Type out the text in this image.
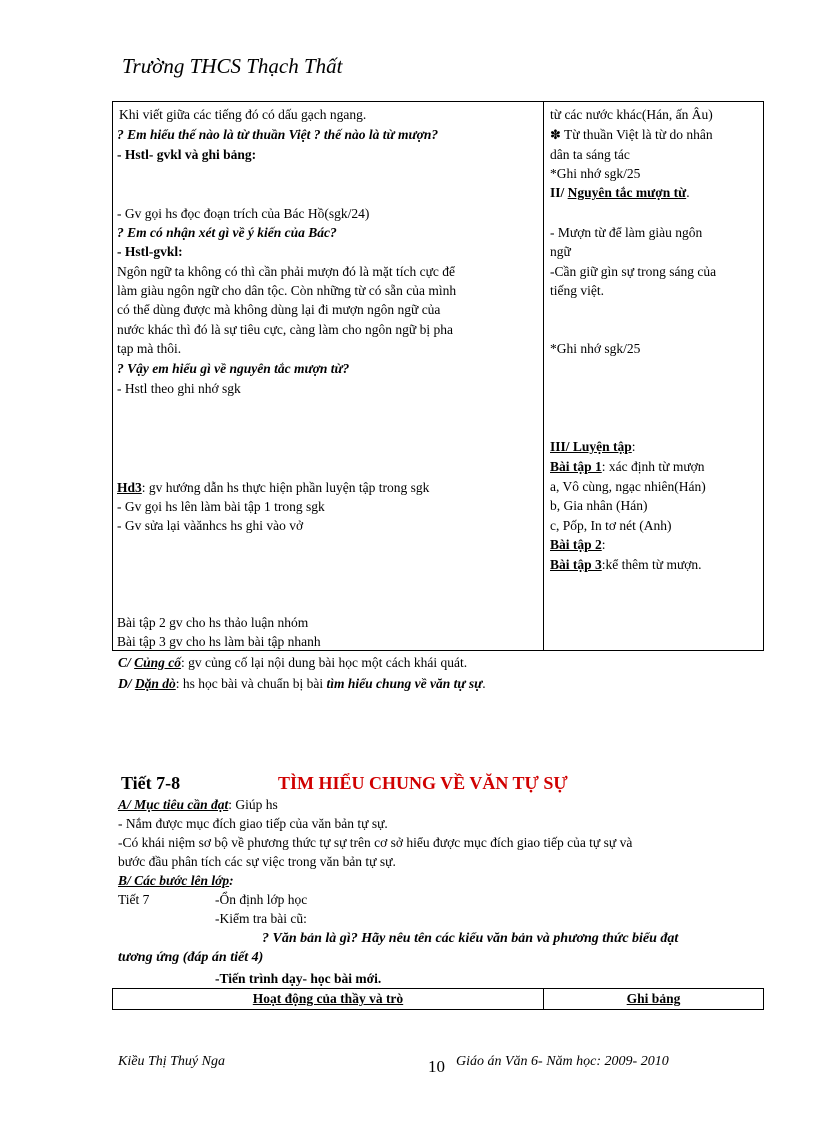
Trường THCS Thạch Thất
Khi viết giữa các tiếng đó có dấu gạch ngang.
? Em hiểu thế nào là từ thuần Việt ? thế nào là từ mượn?
- Hstl- gvkl và ghi bảng:
- Gv gọi hs đọc đoạn trích của Bác Hồ(sgk/24)
? Em có nhận xét gì về ý kiến của Bác?
- Hstl-gvkl:
Ngôn ngữ ta không có thì cần phải mượn đó là mặt tích cực để
làm giàu ngôn ngữ cho dân tộc. Còn những từ có sẵn của mình
có thể dùng được mà không dùng lại đi mượn ngôn ngữ của
nước khác thì đó là sự tiêu cực, càng làm cho ngôn ngữ bị pha
tạp mà thôi.
? Vậy em hiểu gì về nguyên tắc mượn từ?
- Hstl theo ghi nhớ sgk
Hd3: gv hướng dẫn hs thực hiện phần luyện tập trong sgk
- Gv gọi hs lên làm bài tập 1 trong sgk
- Gv sửa lại vàănhcs hs ghi vào vở
Bài tập 2 gv cho hs thảo luận nhóm
Bài tập 3 gv cho hs làm bài tập nhanh

từ các nước khác(Hán, ấn Âu)
✽ Từ thuần Việt là từ do nhân
dân ta sáng tác
*Ghi nhớ sgk/25
II/ Nguyên tắc mượn từ.
- Mượn từ để làm giàu ngôn
ngữ
-Cần giữ gìn sự trong sáng của
tiếng việt.
*Ghi nhớ sgk/25
III/ Luyện tập:
Bài tập 1: xác định từ mượn
a, Vô cùng, ngạc nhiên(Hán)
b, Gia nhân (Hán)
c, Pốp, In tơ nét (Anh)
Bài tập 2:
Bài tập 3:kể thêm từ mượn.
C/ Củng cố: gv củng cố lại nội dung bài học một cách khái quát.
D/ Dặn dò: hs học bài và chuẩn bị bài tìm hiểu chung về văn tự sự.
Tiết 7-8	TÌM HIỂU CHUNG VỀ VĂN TỰ SỰ
A/ Mục tiêu cần đạt: Giúp hs
- Nắm được mục đích giao tiếp của văn bản tự sự.
-Có khái niệm sơ bộ về phương thức tự sự trên cơ sở hiểu được mục đích giao tiếp của tự sự và
bước đầu phân tích các sự việc trong văn bản tự sự.
B/ Các bước lên lớp:
Tiết 7	-Ổn định lớp học
-Kiểm tra bài cũ:
? Văn bản là gì? Hãy nêu tên các kiểu văn bản và phương thức biểu đạt
tương ứng (đáp án tiết 4)
-Tiến trình dạy- học bài mới.
Hoạt động của thầy và trò	Ghi bảng
Kiều Thị Thuý Nga	10 Giáo án Văn 6- Năm học: 2009- 2010
